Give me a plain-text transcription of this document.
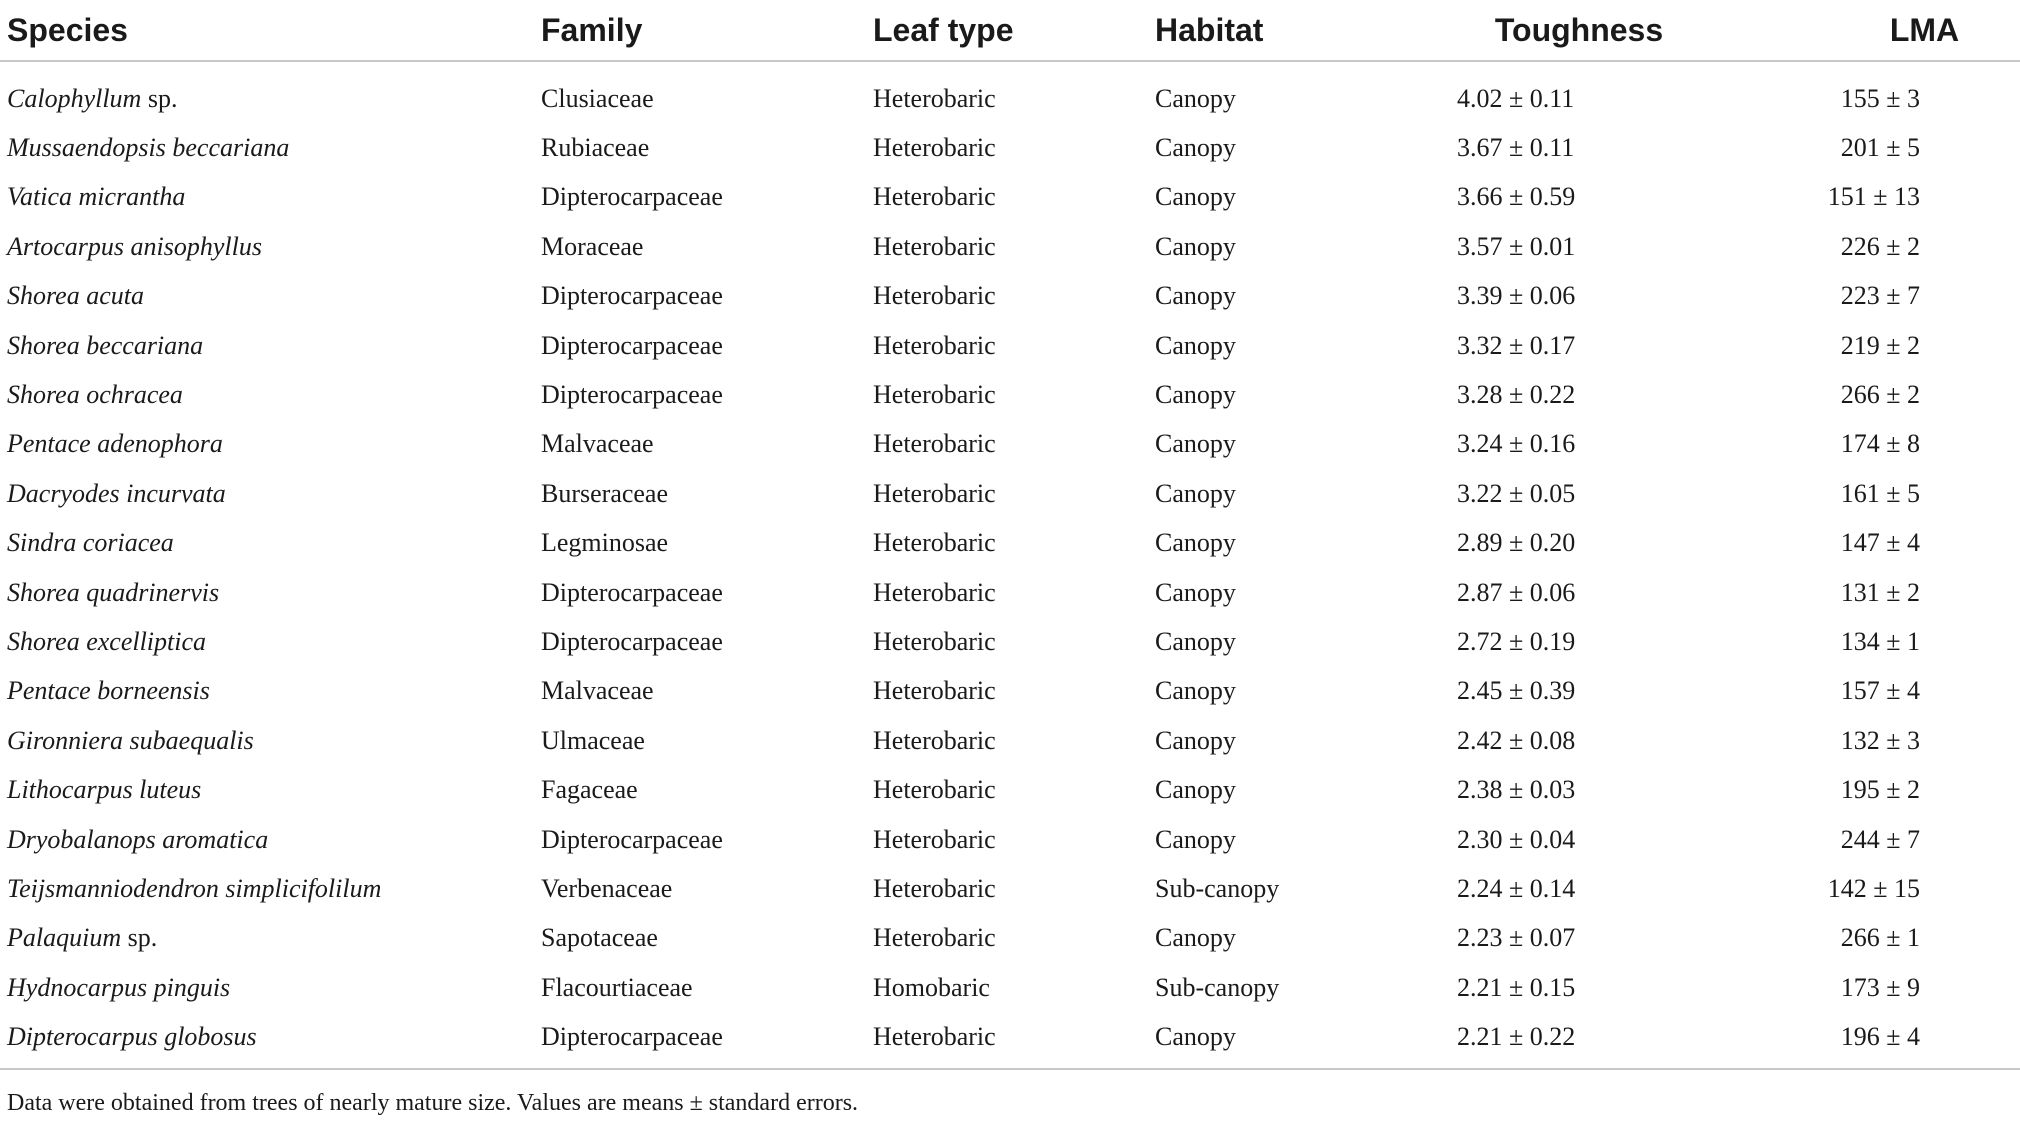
Species	Family	Leaf type	Habitat	Toughness	LMA
Calophyllum sp.	Clusiaceae	Heterobaric	Canopy	4.02 ± 0.11	155 ± 3
Mussaendopsis beccariana	Rubiaceae	Heterobaric	Canopy	3.67 ± 0.11	201 ± 5
Vatica micrantha	Dipterocarpaceae	Heterobaric	Canopy	3.66 ± 0.59	151 ± 13
Artocarpus anisophyllus	Moraceae	Heterobaric	Canopy	3.57 ± 0.01	226 ± 2
Shorea acuta	Dipterocarpaceae	Heterobaric	Canopy	3.39 ± 0.06	223 ± 7
Shorea beccariana	Dipterocarpaceae	Heterobaric	Canopy	3.32 ± 0.17	219 ± 2
Shorea ochracea	Dipterocarpaceae	Heterobaric	Canopy	3.28 ± 0.22	266 ± 2
Pentace adenophora	Malvaceae	Heterobaric	Canopy	3.24 ± 0.16	174 ± 8
Dacryodes incurvata	Burseraceae	Heterobaric	Canopy	3.22 ± 0.05	161 ± 5
Sindra coriacea	Legminosae	Heterobaric	Canopy	2.89 ± 0.20	147 ± 4
Shorea quadrinervis	Dipterocarpaceae	Heterobaric	Canopy	2.87 ± 0.06	131 ± 2
Shorea excelliptica	Dipterocarpaceae	Heterobaric	Canopy	2.72 ± 0.19	134 ± 1
Pentace borneensis	Malvaceae	Heterobaric	Canopy	2.45 ± 0.39	157 ± 4
Gironniera subaequalis	Ulmaceae	Heterobaric	Canopy	2.42 ± 0.08	132 ± 3
Lithocarpus luteus	Fagaceae	Heterobaric	Canopy	2.38 ± 0.03	195 ± 2
Dryobalanops aromatica	Dipterocarpaceae	Heterobaric	Canopy	2.30 ± 0.04	244 ± 7
Teijsmanniodendron simplicifolilum	Verbenaceae	Heterobaric	Sub-canopy	2.24 ± 0.14	142 ± 15
Palaquium sp.	Sapotaceae	Heterobaric	Canopy	2.23 ± 0.07	266 ± 1
Hydnocarpus pinguis	Flacourtiaceae	Homobaric	Sub-canopy	2.21 ± 0.15	173 ± 9
Dipterocarpus globosus	Dipterocarpaceae	Heterobaric	Canopy	2.21 ± 0.22	196 ± 4
Data were obtained from trees of nearly mature size. Values are means ± standard errors.
